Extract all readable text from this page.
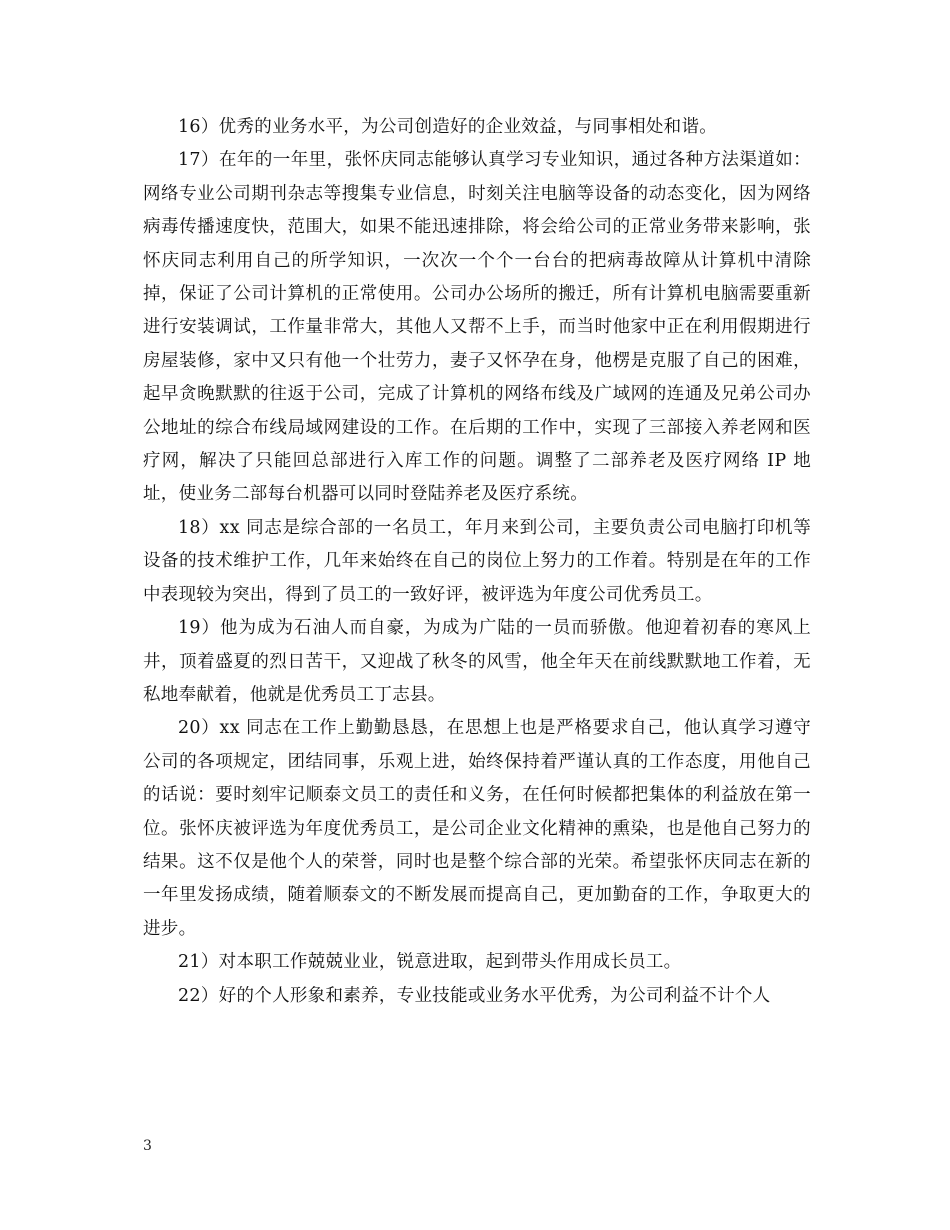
16）优秀的业务水平，为公司创造好的企业效益，与同事相处和谐。

17）在年的一年里，张怀庆同志能够认真学习专业知识，通过各种方法渠道如：网络专业公司期刊杂志等搜集专业信息，时刻关注电脑等设备的动态变化，因为网络病毒传播速度快，范围大，如果不能迅速排除，将会给公司的正常业务带来影响，张怀庆同志利用自己的所学知识，一次次一个个一台台的把病毒故障从计算机中清除掉，保证了公司计算机的正常使用。公司办公场所的搬迁，所有计算机电脑需要重新进行安装调试，工作量非常大，其他人又帮不上手，而当时他家中正在利用假期进行房屋装修，家中又只有他一个壮劳力，妻子又怀孕在身，他楞是克服了自己的困难，起早贪晚默默的往返于公司，完成了计算机的网络布线及广域网的连通及兄弟公司办公地址的综合布线局域网建设的工作。在后期的工作中，实现了三部接入养老网和医疗网，解决了只能回总部进行入库工作的问题。调整了二部养老及医疗网络 IP 地址，使业务二部每台机器可以同时登陆养老及医疗系统。

18）xx 同志是综合部的一名员工，年月来到公司，主要负责公司电脑打印机等设备的技术维护工作，几年来始终在自己的岗位上努力的工作着。特别是在年的工作中表现较为突出，得到了员工的一致好评，被评选为年度公司优秀员工。

19）他为成为石油人而自豪，为成为广陆的一员而骄傲。他迎着初春的寒风上井，顶着盛夏的烈日苦干，又迎战了秋冬的风雪，他全年天在前线默默地工作着，无私地奉献着，他就是优秀员工丁志县。

20）xx 同志在工作上勤勤恳恳，在思想上也是严格要求自己，他认真学习遵守公司的各项规定，团结同事，乐观上进，始终保持着严谨认真的工作态度，用他自己的话说：要时刻牢记顺泰文员工的责任和义务，在任何时候都把集体的利益放在第一位。张怀庆被评选为年度优秀员工，是公司企业文化精神的熏染，也是他自己努力的结果。这不仅是他个人的荣誉，同时也是整个综合部的光荣。希望张怀庆同志在新的一年里发扬成绩，随着顺泰文的不断发展而提高自己，更加勤奋的工作，争取更大的进步。

21）对本职工作兢兢业业，锐意进取，起到带头作用成长员工。

22）好的个人形象和素养，专业技能或业务水平优秀，为公司利益不计个人

3
